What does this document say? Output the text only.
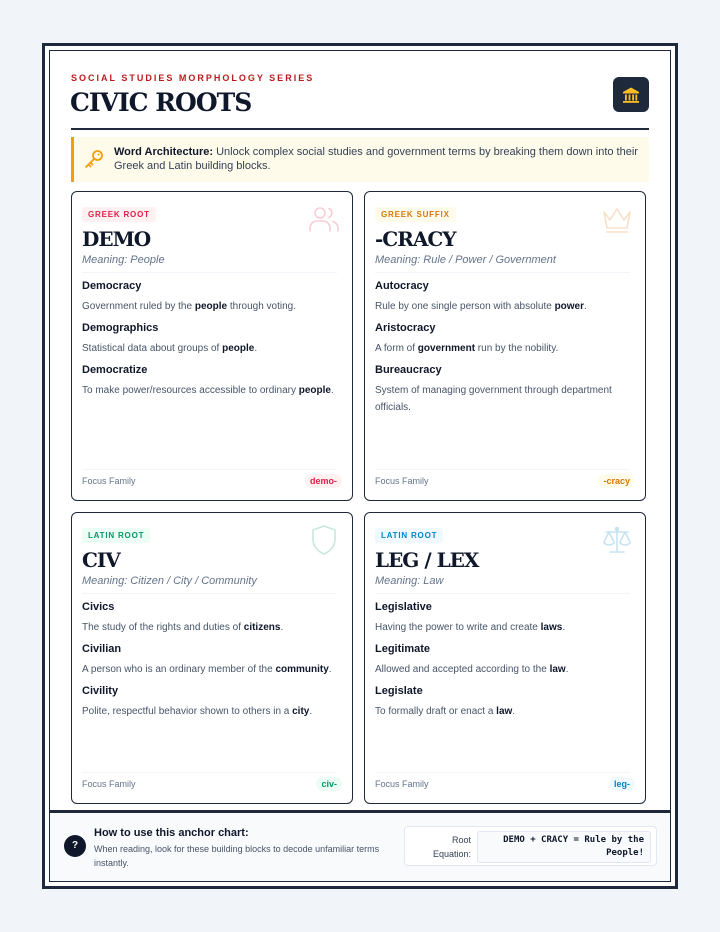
SOCIAL STUDIES MORPHOLOGY SERIES
CIVIC ROOTS
Word Architecture: Unlock complex social studies and government terms by breaking them down into their Greek and Latin building blocks.
GREEK ROOT
DEMO
Meaning: People
Democracy
Government ruled by the people through voting.
Demographics
Statistical data about groups of people.
Democratize
To make power/resources accessible to ordinary people.
Focus Family	demo-
GREEK SUFFIX
-CRACY
Meaning: Rule / Power / Government
Autocracy
Rule by one single person with absolute power.
Aristocracy
A form of government run by the nobility.
Bureaucracy
System of managing government through department officials.
Focus Family	-cracy
LATIN ROOT
CIV
Meaning: Citizen / City / Community
Civics
The study of the rights and duties of citizens.
Civilian
A person who is an ordinary member of the community.
Civility
Polite, respectful behavior shown to others in a city.
Focus Family	civ-
LATIN ROOT
LEG / LEX
Meaning: Law
Legislative
Having the power to write and create laws.
Legitimate
Allowed and accepted according to the law.
Legislate
To formally draft or enact a law.
Focus Family	leg-
?
How to use this anchor chart:
When reading, look for these building blocks to decode unfamiliar terms instantly.
Root Equation:
DEMO + CRACY = Rule by the People!
